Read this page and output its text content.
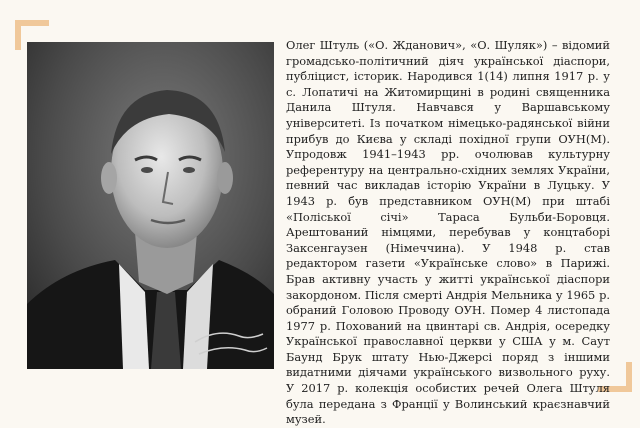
Олег Штуль («О. Жданович», «О. Шуляк») – відомий громадсько-політичний діяч української діаспори, публіцист, історик. Народився 1(14) липня 1917 р. у с. Лопатичі на Житомирщині в родині священника Данила Штуля. Навчався у Варшавському університеті. Із початком німецько-радянської війни прибув до Києва у складі похідної групи ОУН(М). Упродовж 1941–1943 рр. очолював культурну референтуру на центрально-східних землях України, певний час викладав історію України в Луцьку. У 1943 р. був представником ОУН(М) при штабі «Поліської січі» Тараса Бульби-Боровця. Арештований німцями, перебував у концтаборі Заксенгаузен (Німеччина). У 1948 р. став редактором газети «Українське слово» в Парижі. Брав активну участь у житті української діаспори закордоном. Після смерті Андрія Мельника у 1965 р. обраний Головою Проводу ОУН. Помер 4 листопада 1977 р. Похований на цвинтарі св. Андрія, осередку Української православної церкви у США у м. Саут Баунд Брук штату Нью-Джерсі поряд з іншими видатними діячами українського визвольного руху. У 2017 р. колекція особистих речей Олега Штуля була передана з Франції у Волинський краєзнавчий музей.
